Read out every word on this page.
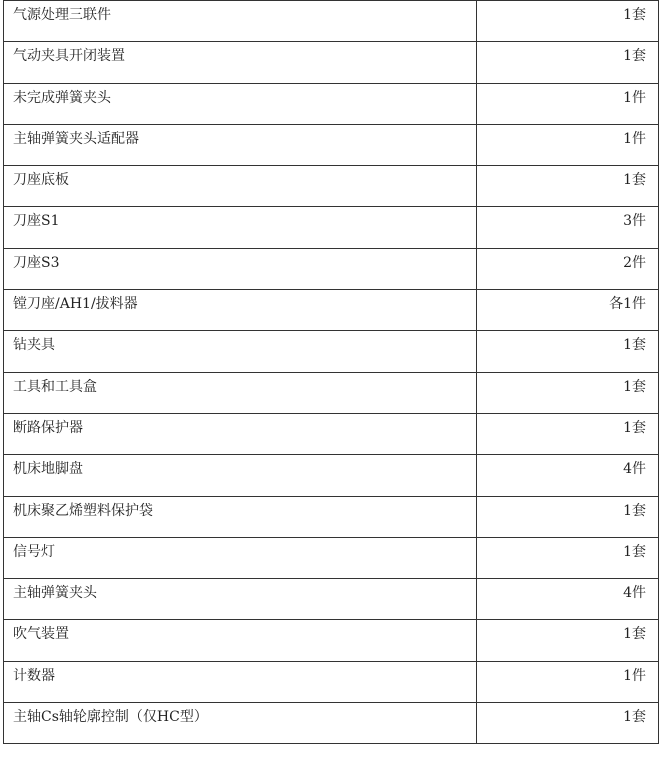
气源处理三联件	1套
气动夹具开闭装置	1套
未完成弹簧夹头	1件
主轴弹簧夹头适配器	1件
刀座底板	1套
刀座S1	3件
刀座S3	2件
镗刀座/AH1/拔料器	各1件
钻夹具	1套
工具和工具盒	1套
断路保护器	1套
机床地脚盘	4件
机床聚乙烯塑料保护袋	1套
信号灯	1套
主轴弹簧夹头	4件
吹气装置	1套
计数器	1件
主轴Cs轴轮廓控制（仅HC型）	1套
